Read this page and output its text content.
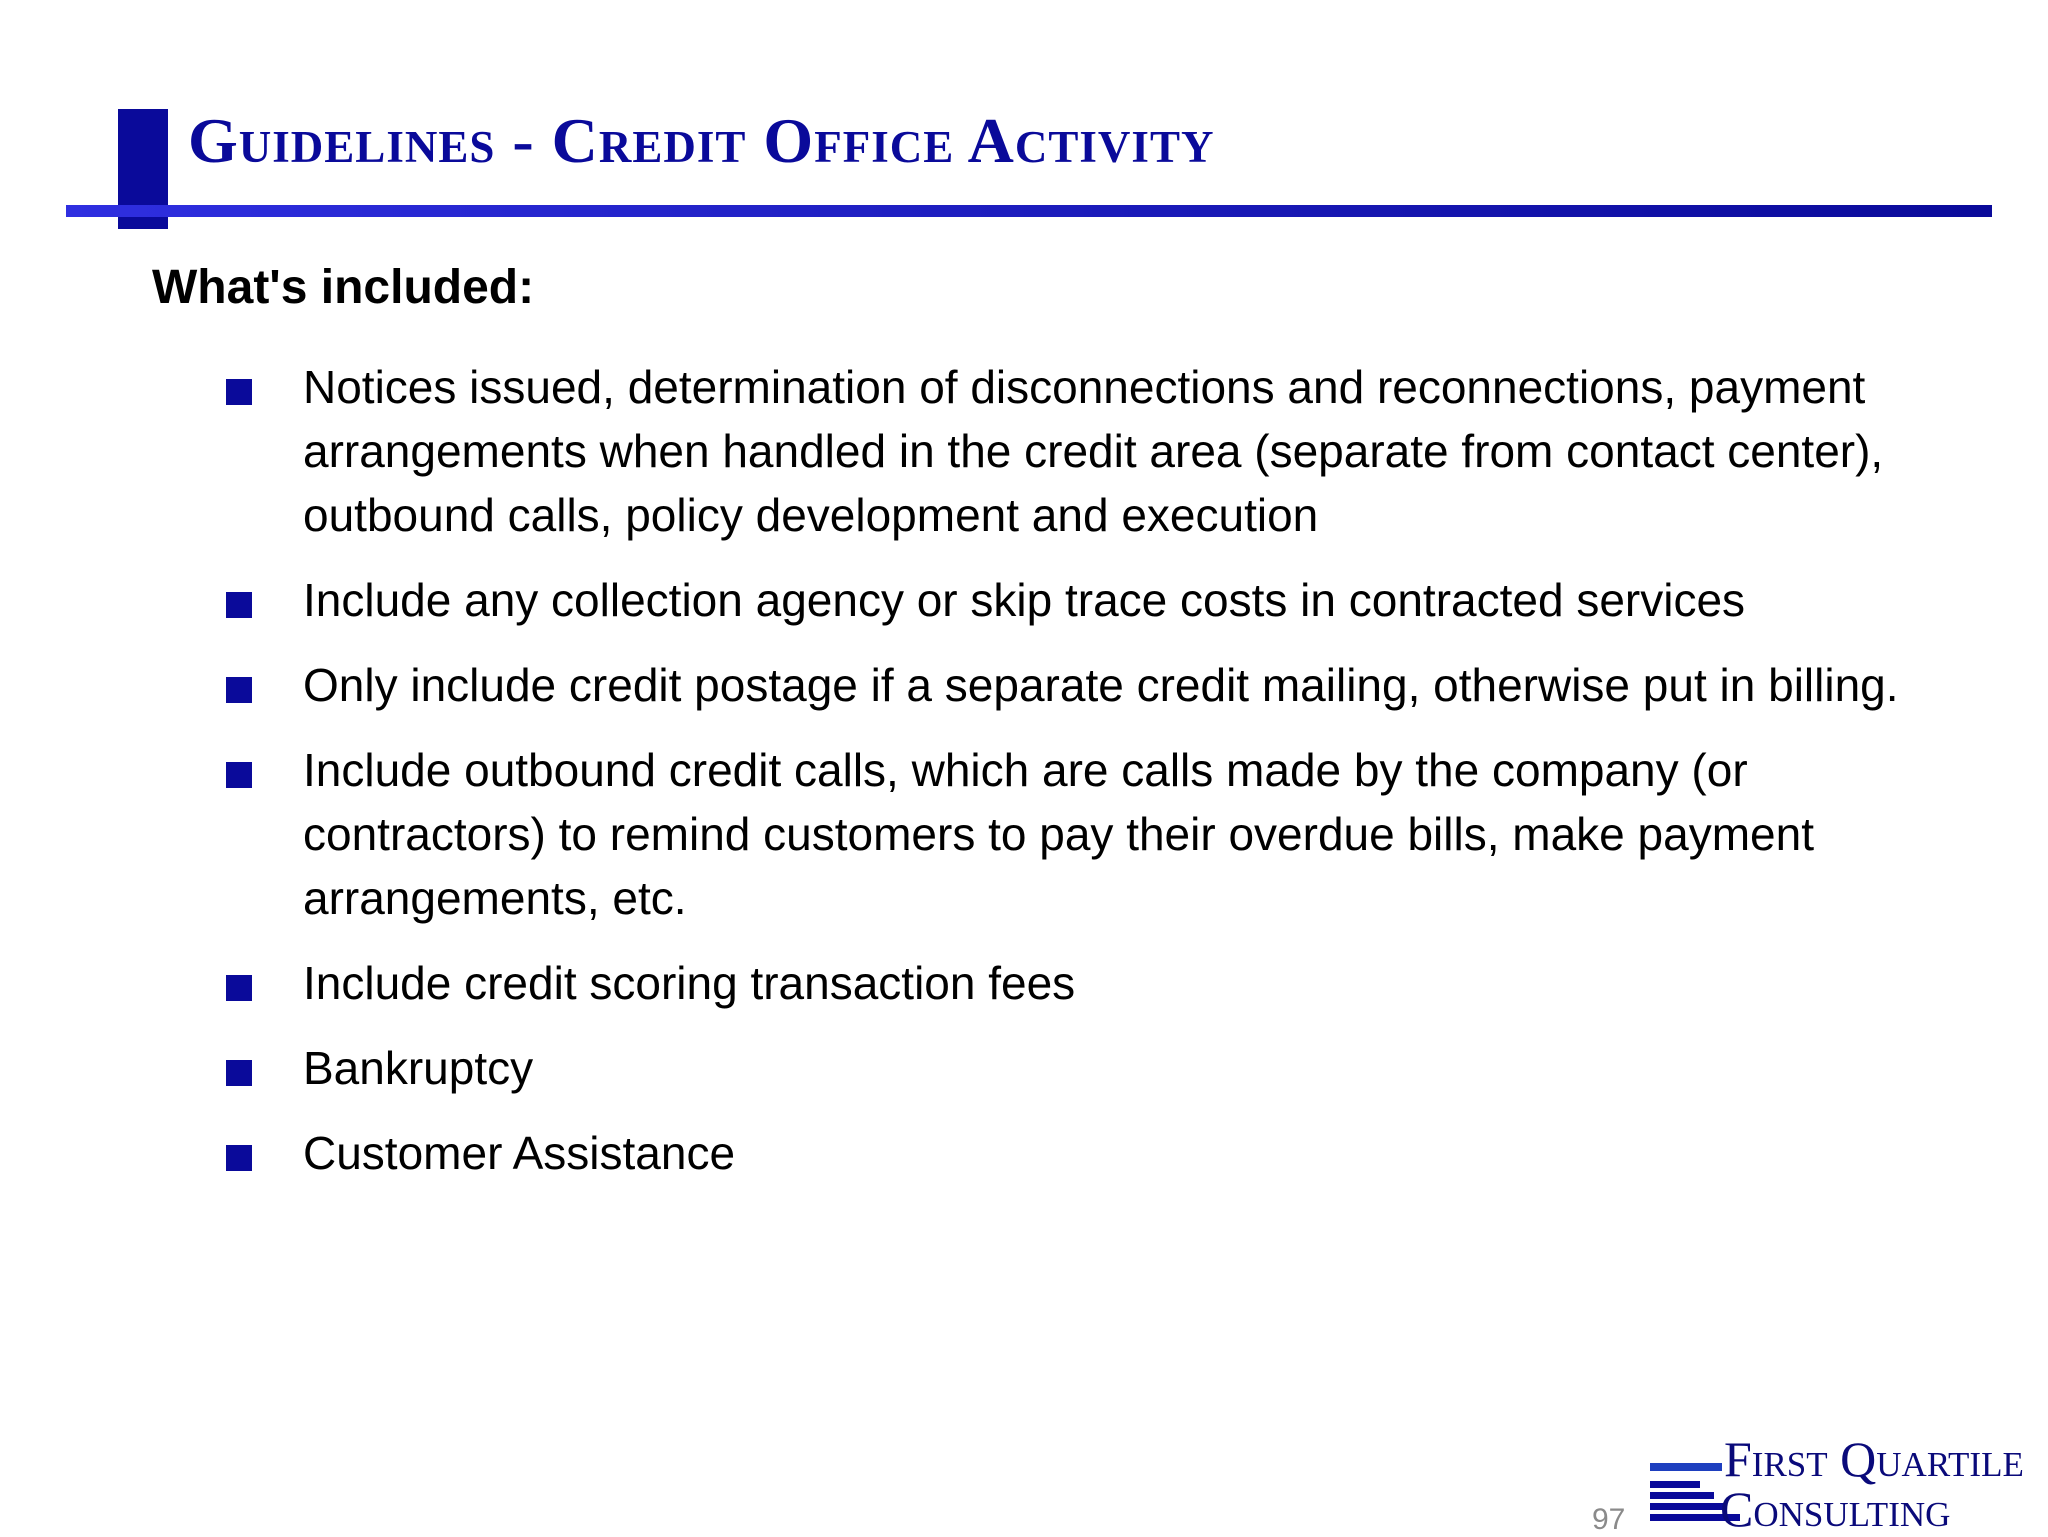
Guidelines - Credit Office Activity
What's included:
Notices issued, determination of disconnections and reconnections, payment arrangements when handled in the credit area (separate from contact center), outbound calls, policy development and execution
Include any collection agency or skip trace costs in contracted services
Only include credit postage if a separate credit mailing, otherwise put in billing.
Include outbound credit calls, which are calls made by the company (or contractors) to remind customers to pay their overdue bills, make payment arrangements, etc.
Include credit scoring transaction fees
Bankruptcy
Customer Assistance
97
First Quartile
Consulting
